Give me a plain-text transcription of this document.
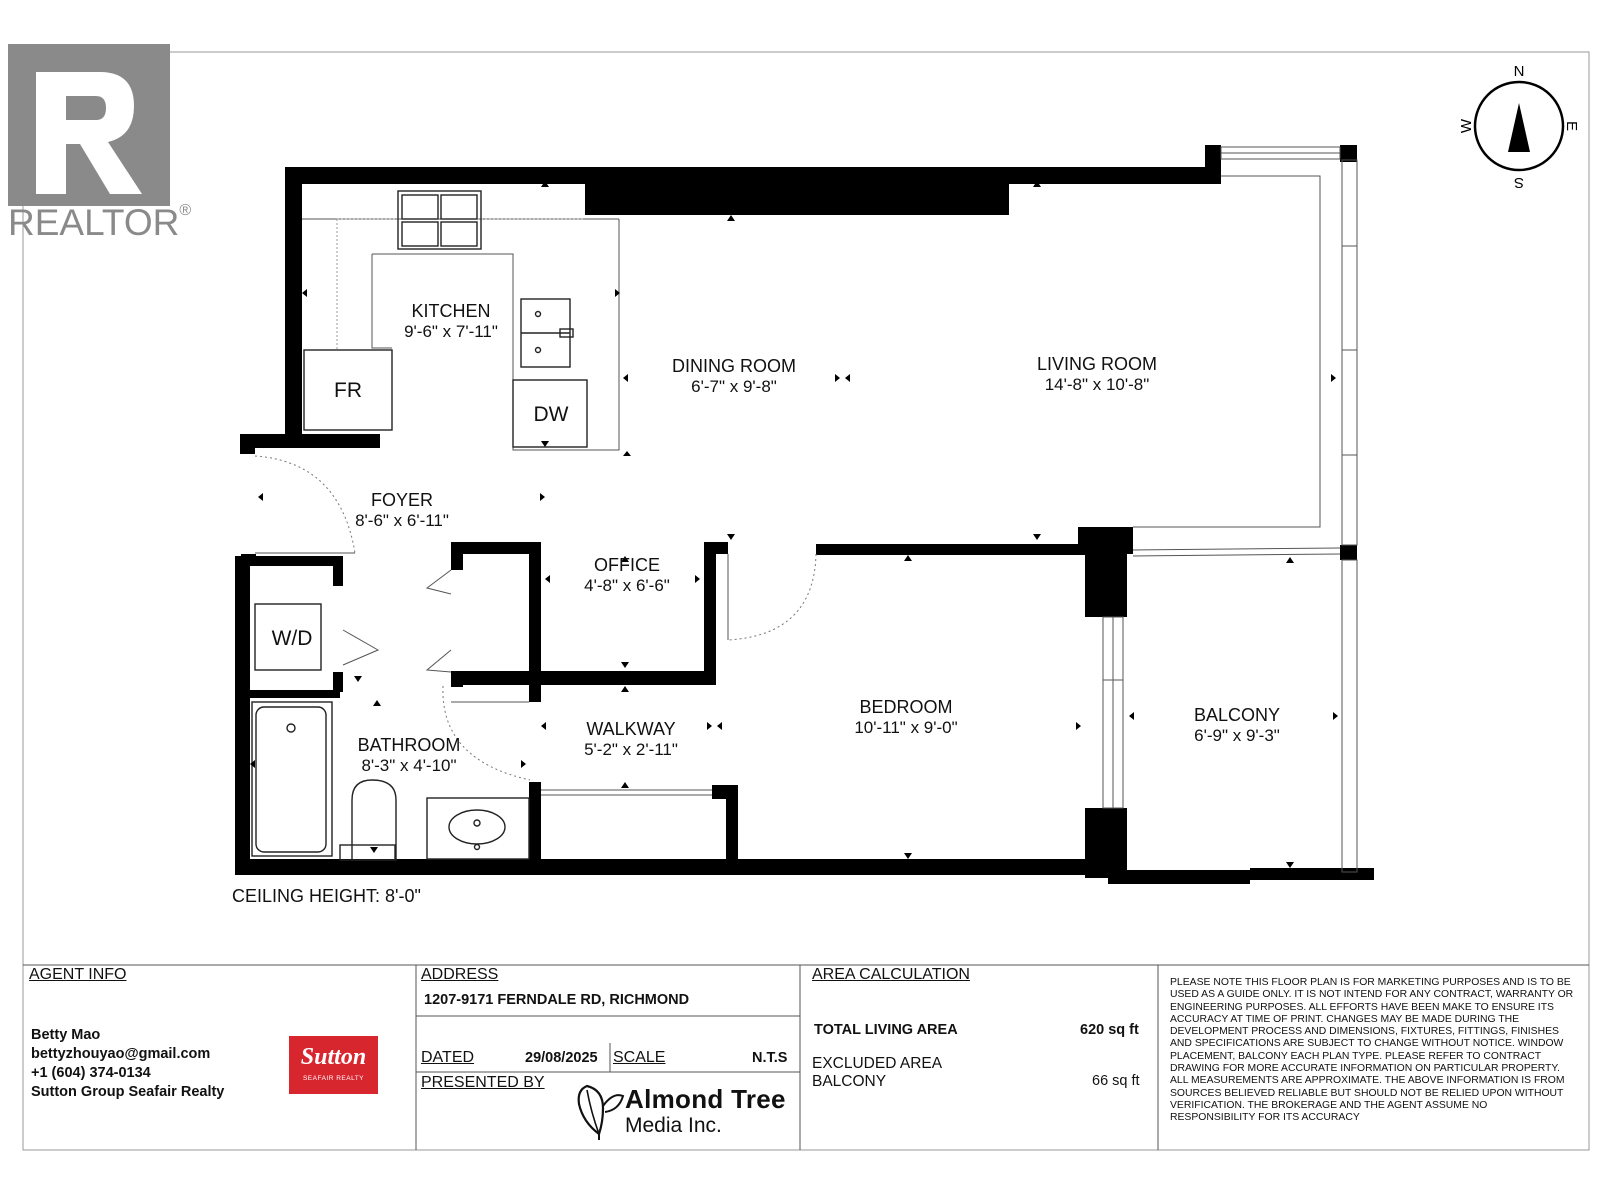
KITCHEN
9'-6" x 7'-11"
DINING ROOM
6'-7" x 9'-8"
LIVING ROOM
14'-8" x 10'-8"
FOYER
8'-6" x 6'-11"
OFFICE
4'-8" x 6'-6"
WALKWAY
5'-2" x 2'-11"
BATHROOM
8'-3" x 4'-10"
BEDROOM
10'-11" x 9'-0"
BALCONY
6'-9" x 9'-3"
FR
DW
W/D
N
S
E
W
REALTOR®
CEILING HEIGHT: 8'-0"
AGENT INFO
Betty Mao
bettyzhouyao@gmail.com
+1 (604) 374-0134
Sutton Group Seafair Realty
Sutton
SEAFAIR REALTY
ADDRESS
1207-9171 FERNDALE RD, RICHMOND
DATED	29/08/2025 SCALE	N.T.S
PRESENTED BY
Almond Tree
Media Inc.
AREA CALCULATION
TOTAL LIVING AREA	620 sq ft
EXCLUDED AREA
BALCONY	66 sq ft
PLEASE NOTE THIS FLOOR PLAN IS FOR MARKETING PURPOSES AND IS TO BE USED AS A GUIDE ONLY. IT IS NOT INTEND FOR ANY CONTRACT, WARRANTY OR ENGINEERING PURPOSES. ALL EFFORTS HAVE BEEN MAKE TO ENSURE ITS ACCURACY AT TIME OF PRINT. CHANGES MAY BE MADE DURING THE DEVELOPMENT PROCESS AND DIMENSIONS, FIXTURES, FITTINGS, FINISHES AND SPECIFICATIONS ARE SUBJECT TO CHANGE WITHOUT NOTICE. WINDOW PLACEMENT, BALCONY EACH PLAN TYPE. PLEASE REFER TO CONTRACT DRAWING FOR MORE ACCURATE INFORMATION ON PARTICULAR PROPERTY. ALL MEASUREMENTS ARE APPROXIMATE. THE ABOVE INFORMATION IS FROM SOURCES BELIEVED RELIABLE BUT SHOULD NOT BE RELIED UPON WITHOUT VERIFICATION. THE BROKERAGE AND THE AGENT ASSUME NO RESPONSIBILITY FOR ITS ACCURACY
